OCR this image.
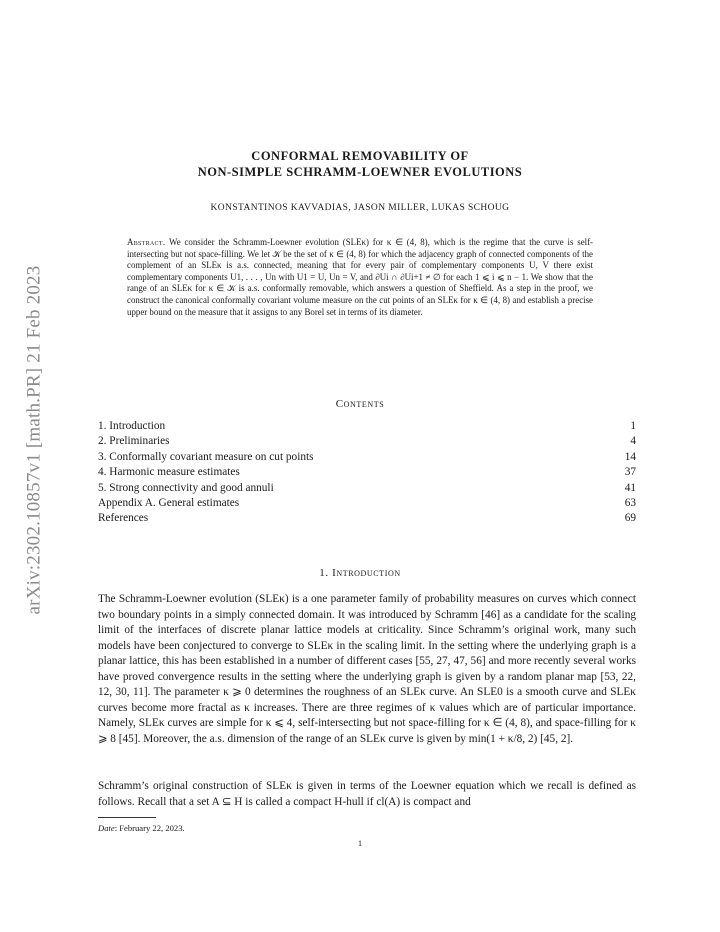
arXiv:2302.10857v1 [math.PR] 21 Feb 2023
CONFORMAL REMOVABILITY OF
NON-SIMPLE SCHRAMM-LOEWNER EVOLUTIONS
KONSTANTINOS KAVVADIAS, JASON MILLER, LUKAS SCHOUG
Abstract. We consider the Schramm-Loewner evolution (SLEκ) for κ ∈ (4, 8), which is the regime that the curve is self-intersecting but not space-filling. We let 𝒦 be the set of κ ∈ (4, 8) for which the adjacency graph of connected components of the complement of an SLEκ is a.s. connected, meaning that for every pair of complementary components U, V there exist complementary components U1, . . . , Un with U1 = U, Un = V, and ∂Ui ∩ ∂Ui+1 ≠ ∅ for each 1 ⩽ i ⩽ n − 1. We show that the range of an SLEκ for κ ∈ 𝒦 is a.s. conformally removable, which answers a question of Sheffield. As a step in the proof, we construct the canonical conformally covariant volume measure on the cut points of an SLEκ for κ ∈ (4, 8) and establish a precise upper bound on the measure that it assigns to any Borel set in terms of its diameter.
Contents
1. Introduction	1
2. Preliminaries	4
3. Conformally covariant measure on cut points	14
4. Harmonic measure estimates	37
5. Strong connectivity and good annuli	41
Appendix A. General estimates	63
References	69
1. Introduction
The Schramm-Loewner evolution (SLEκ) is a one parameter family of probability measures on curves which connect two boundary points in a simply connected domain. It was introduced by Schramm [46] as a candidate for the scaling limit of the interfaces of discrete planar lattice models at criticality. Since Schramm’s original work, many such models have been conjectured to converge to SLEκ in the scaling limit. In the setting where the underlying graph is a planar lattice, this has been established in a number of different cases [55, 27, 47, 56] and more recently several works have proved convergence results in the setting where the underlying graph is given by a random planar map [53, 22, 12, 30, 11]. The parameter κ ⩾ 0 determines the roughness of an SLEκ curve. An SLE0 is a smooth curve and SLEκ curves become more fractal as κ increases. There are three regimes of κ values which are of particular importance. Namely, SLEκ curves are simple for κ ⩽ 4, self-intersecting but not space-filling for κ ∈ (4, 8), and space-filling for κ ⩾ 8 [45]. Moreover, the a.s. dimension of the range of an SLEκ curve is given by min(1 + κ/8, 2) [45, 2].
Schramm’s original construction of SLEκ is given in terms of the Loewner equation which we recall is defined as follows. Recall that a set A ⊆ H is called a compact H-hull if cl(A) is compact and
Date: February 22, 2023.
1
